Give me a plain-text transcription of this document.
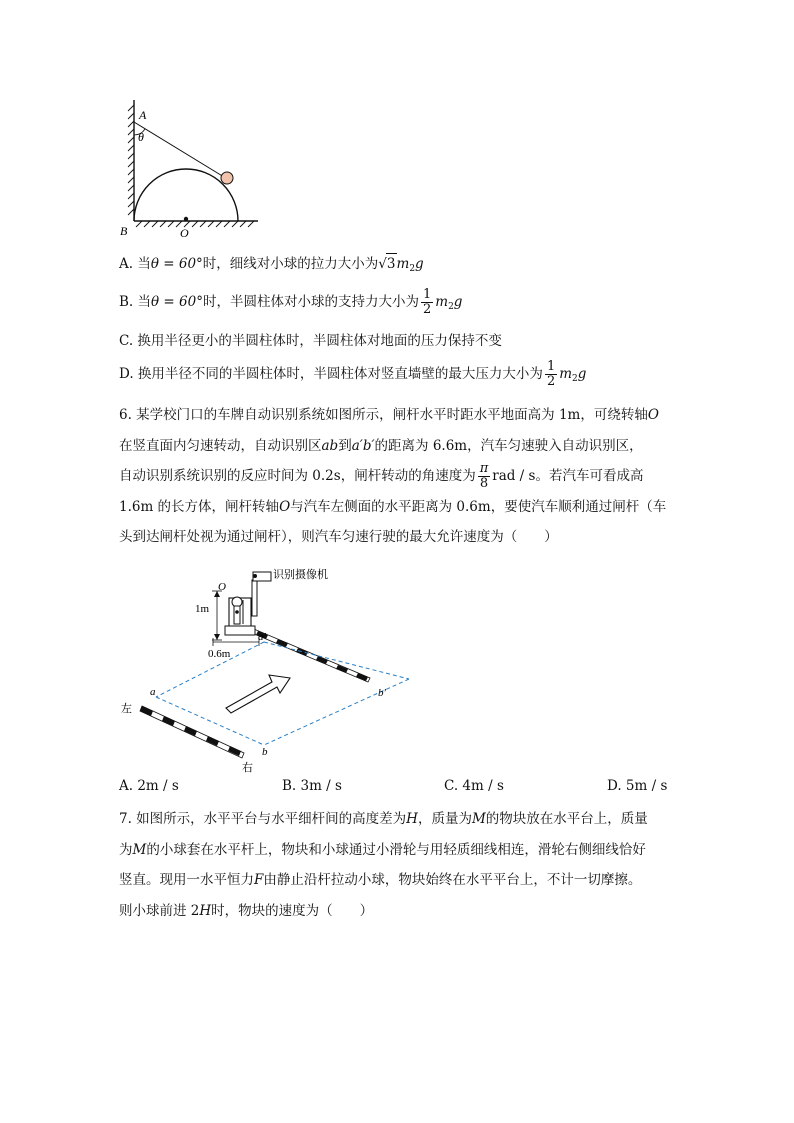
A
θ
B	O
A. 当θ = 60°时，细线对小球的拉力大小为$√3m_2g$
B. 当θ = 60°时，半圆柱体对小球的支持力大小为 $\frac{1}{2} m_2g$
C. 换用半径更小的半圆柱体时，半圆柱体对地面的压力保持不变
D. 换用半径不同的半圆柱体时，半圆柱体对竖直墙壁的最大压力大小为 $\frac{1}{2} m_2g$
6. 某学校门口的车牌自动识别系统如图所示，闸杆水平时距水平地面高为 1m，可绕转轴O
在竖直面内匀速转动，自动识别区ab到a′b′的距离为 6.6m，汽车匀速驶入自动识别区，
自动识别系统识别的反应时间为 0.2s，闸杆转动的角速度为 $\frac{\pi}{8}$ rad / s。若汽车可看成高
1.6m 的长方体，闸杆转轴O与汽车左侧面的水平距离为 0.6m，要使汽车顺利通过闸杆（车
头到达闸杆处视为通过闸杆），则汽车匀速行驶的最大允许速度为（　　）
识别摄像机
O
1m
0.6m
a′
a	b′
b
左
右
A. 2m / s	B. 3m / s	C. 4m / s	D. 5m / s
7. 如图所示，水平平台与水平细杆间的高度差为H，质量为M的物块放在水平台上，质量
为M的小球套在水平杆上，物块和小球通过小滑轮与用轻质细线相连，滑轮右侧细线恰好
竖直。现用一水平恒力F由静止沿杆拉动小球，物块始终在水平平台上，不计一切摩擦。
则小球前进 2H时，物块的速度为（　　）
